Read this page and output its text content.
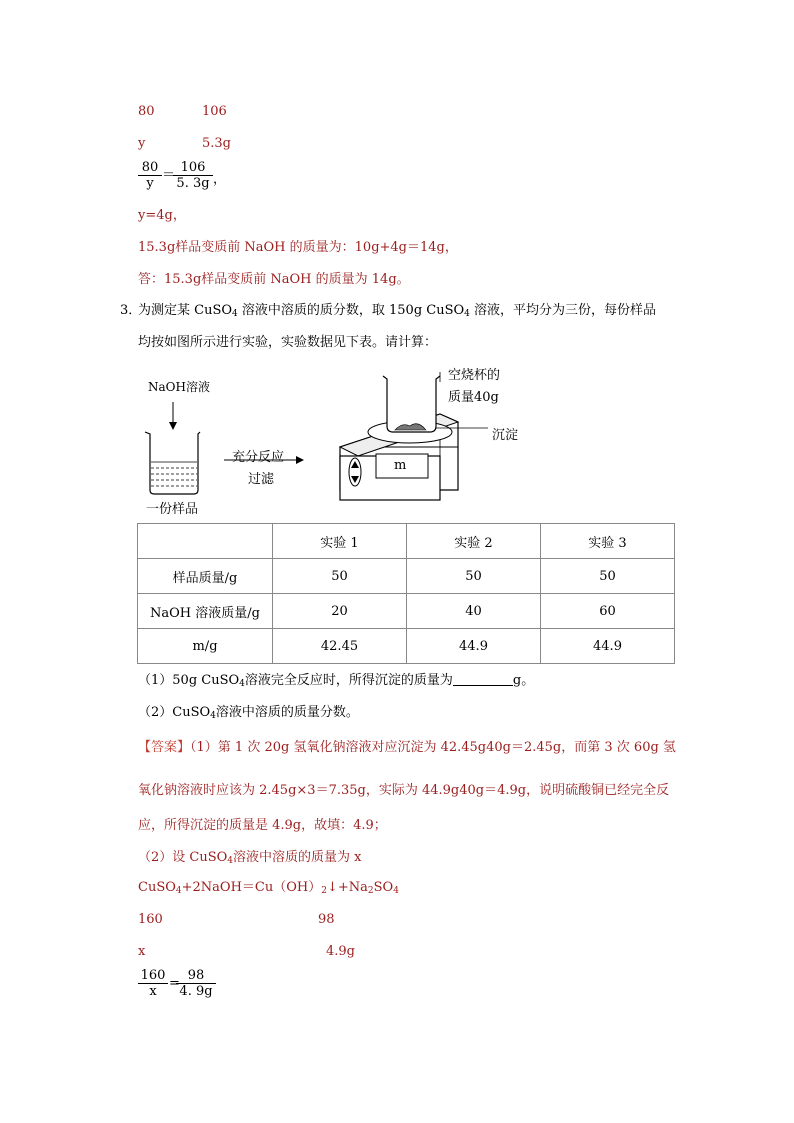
80	106
y	5.3g
$\frac{80}{y}$ ＝
$\frac{106}{5. 3g}$ ，
y=4g，
15.3g样品变质前 NaOH 的质量为：10g+4g＝14g，
答：15.3g样品变质前 NaOH 的质量为 14g。
3．
为测定某 CuSO$_4$ 溶液中溶质的质分数，取 150g CuSO$_4$ 溶液，平均分为三份，每份样品
均按如图所示进行实验，实验数据见下表。请计算：
NaOH溶液
充分反应
过滤
一份样品
空烧杯的
质量40g
沉淀
m
	实验 1	实验 2	实验 3
样品质量/g	50	50	50
NaOH 溶液质量/g	20	40	60
m/g	42.45	44.9	44.9
（1）50g CuSO$_4$溶液完全反应时，所得沉淀的质量为	g。
（2）CuSO$_4$溶液中溶质的质量分数。
【答案】（1）第 1 次 20g 氢氧化钠溶液对应沉淀为 42.45g40g＝2.45g，而第 3 次 60g 氢
氧化钠溶液时应该为 2.45g×3＝7.35g，实际为 44.9g40g＝4.9g，说明硫酸铜已经完全反
应，所得沉淀的质量是 4.9g，故填：4.9；
（2）设 CuSO$_4$溶液中溶质的质量为 x
$CuSO_4+2NaOH=Cu(OH)_2↓+Na_2SO_4$
160	98
x	4.9g
$\frac{160}{x}$ =
$\frac{98}{4. 9g}$
